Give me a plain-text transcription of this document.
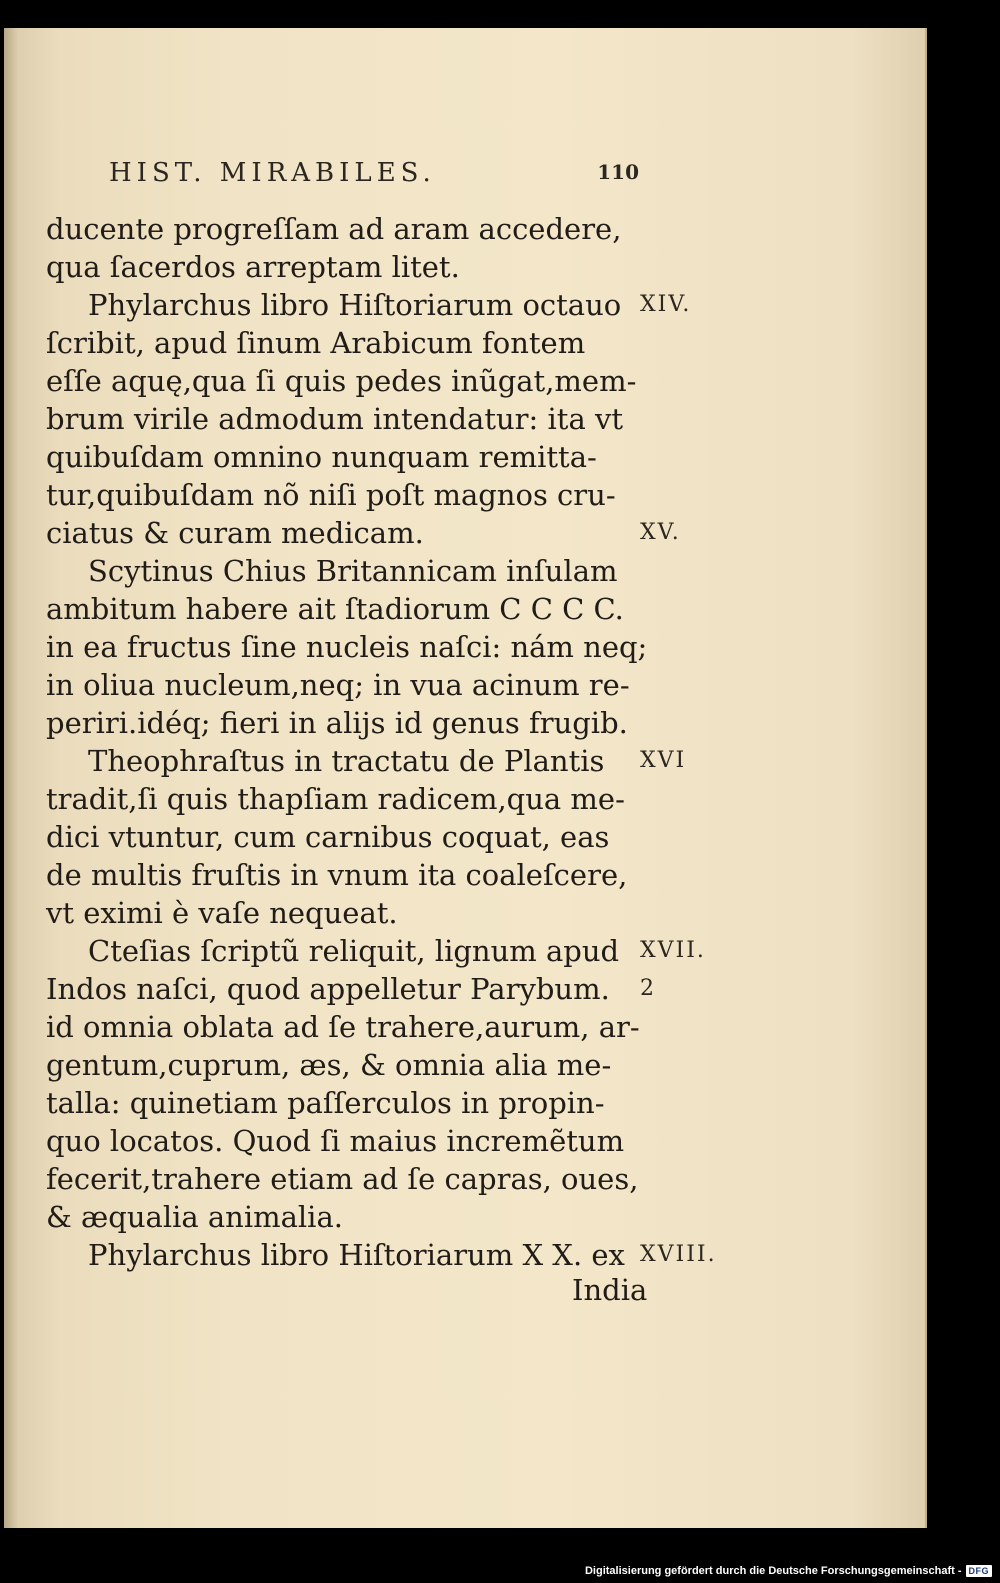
HIST. MIRABILES.	110
ducente progreſſam ad aram accedere,
qua ſacerdos arreptam litet.
Phylarchus libro Hiſtoriarum octauo XIV.
ſcribit, apud ſinum Arabicum fontem
eſſe aquę,qua ſi quis pedes inũgat,mem-
brum virile admodum intendatur: ita vt
quibuſdam omnino nunquam remitta-
tur,quibuſdam nõ niſi poſt magnos cru-
ciatus & curam medicam.	XV.
Scytinus Chius Britannicam inſulam
ambitum habere ait ſtadiorum C C C C.
in ea fructus ſine nucleis naſci: nám neq;
in oliua nucleum,neq; in vua acinum re-
periri.idéq; fieri in alijs id genus frugib.
Theophraſtus in tractatu de Plantis XVI
tradit,ſi quis thapſiam radicem,qua me-
dici vtuntur, cum carnibus coquat, eas
de multis fruſtis in vnum ita coaleſcere,
vt eximi è vaſe nequeat.
Cteſias ſcriptũ reliquit, lignum apud XVII.
Indos naſci, quod appelletur Parybum. 2
id omnia oblata ad ſe trahere,aurum, ar-
gentum,cuprum, æs, & omnia alia me-
talla: quinetiam paſſerculos in propin-
quo locatos. Quod ſi maius incremẽtum
fecerit,trahere etiam ad ſe capras, oues,
& æqualia animalia.
Phylarchus libro Hiſtoriarum X X. ex XVIII.
India
Digitalisierung gefördert durch die Deutsche Forschungsgemeinschaft - DFG
